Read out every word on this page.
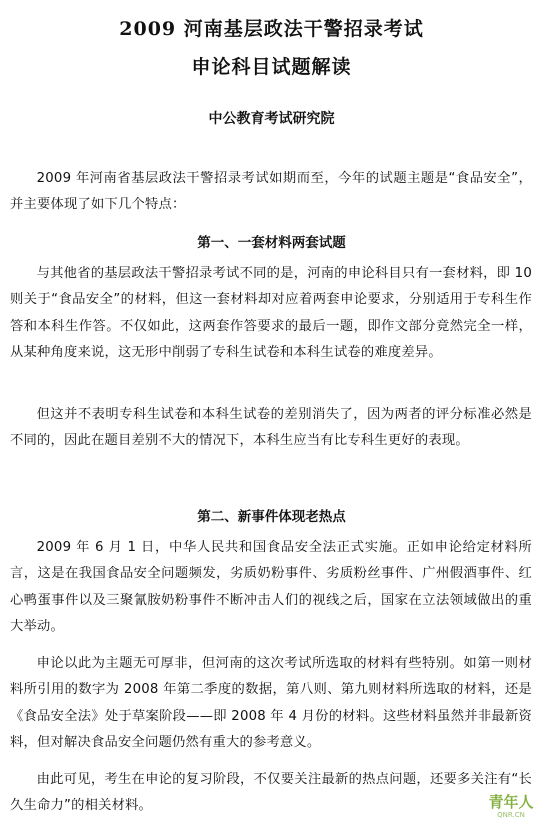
2009 河南基层政法干警招录考试
申论科目试题解读
中公教育考试研究院

2009 年河南省基层政法干警招录考试如期而至，今年的试题主题是“食品安全”，并主要体现了如下几个特点：

第一、一套材料两套试题

与其他省的基层政法干警招录考试不同的是，河南的申论科目只有一套材料，即 10 则关于“食品安全”的材料，但这一套材料却对应着两套申论要求，分别适用于专科生作答和本科生作答。不仅如此，这两套作答要求的最后一题，即作文部分竟然完全一样，从某种角度来说，这无形中削弱了专科生试卷和本科生试卷的难度差异。

但这并不表明专科生试卷和本科生试卷的差别消失了，因为两者的评分标准必然是不同的，因此在题目差别不大的情况下，本科生应当有比专科生更好的表现。

第二、新事件体现老热点

2009 年 6 月 1 日，中华人民共和国食品安全法正式实施。正如申论给定材料所言，这是在我国食品安全问题频发，劣质奶粉事件、劣质粉丝事件、广州假酒事件、红心鸭蛋事件以及三聚氰胺奶粉事件不断冲击人们的视线之后，国家在立法领域做出的重大举动。

申论以此为主题无可厚非，但河南的这次考试所选取的材料有些特别。如第一则材料所引用的数字为 2008 年第二季度的数据，第八则、第九则材料所选取的材料，还是《食品安全法》处于草案阶段——即 2008 年 4 月份的材料。这些材料虽然并非最新资料，但对解决食品安全问题仍然有重大的参考意义。

由此可见，考生在申论的复习阶段，不仅要关注最新的热点问题，还要多关注有“长久生命力”的相关材料。	青年人
QNR.CN
